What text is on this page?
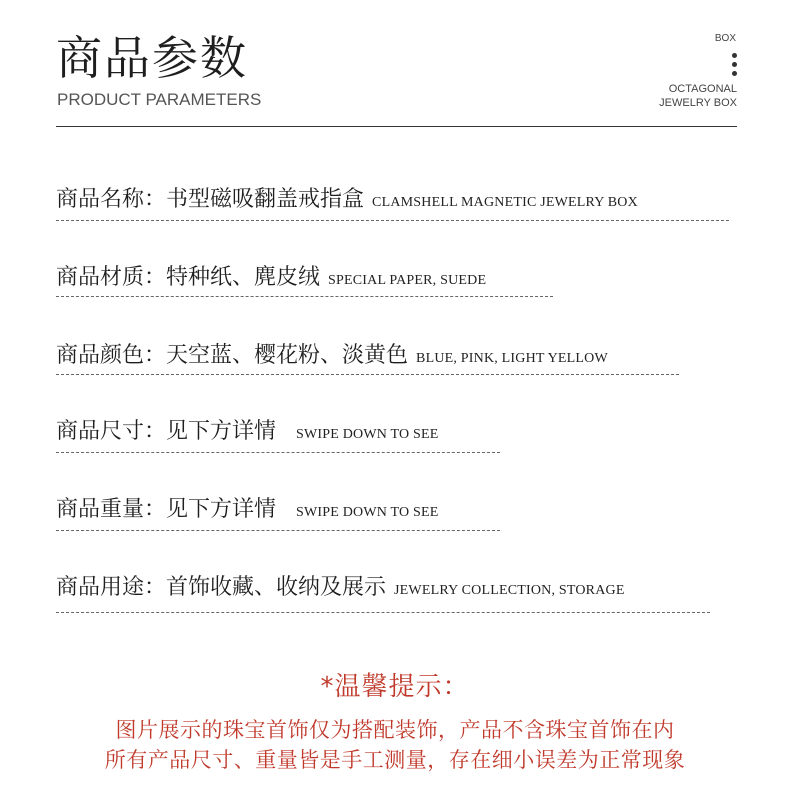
商品参数
PRODUCT PARAMETERS
BOX
OCTAGONAL
JEWELRY BOX
商品名称：书型磁吸翻盖戒指盒 CLAMSHELL MAGNETIC JEWELRY BOX
商品材质：特种纸、麂皮绒 SPECIAL PAPER, SUEDE
商品颜色：天空蓝、樱花粉、淡黄色 BLUE, PINK, LIGHT YELLOW
商品尺寸：见下方详情 SWIPE DOWN TO SEE
商品重量：见下方详情 SWIPE DOWN TO SEE
商品用途：首饰收藏、收纳及展示 JEWELRY COLLECTION, STORAGE
*温馨提示：
图片展示的珠宝首饰仅为搭配装饰，产品不含珠宝首饰在内
所有产品尺寸、重量皆是手工测量，存在细小误差为正常现象
